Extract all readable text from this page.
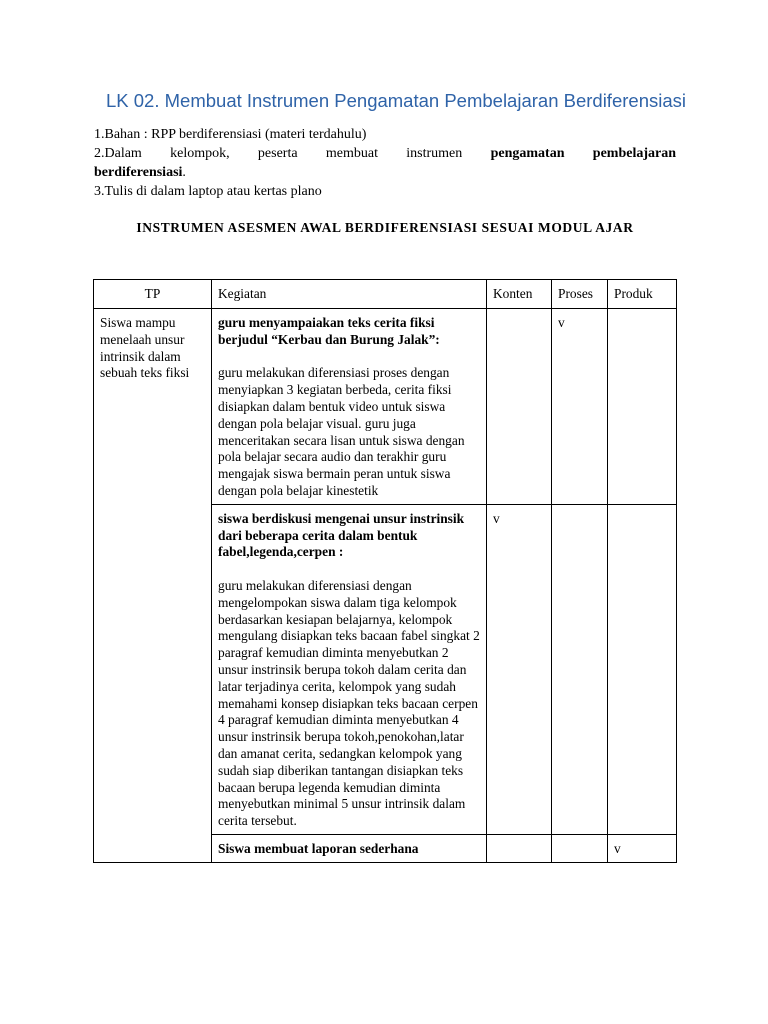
LK 02. Membuat Instrumen Pengamatan Pembelajaran Berdiferensiasi
1.Bahan : RPP berdiferensiasi (materi terdahulu)
2.Dalam kelompok, peserta membuat instrumen pengamatan pembelajaran
berdiferensiasi.
3.Tulis di dalam laptop atau kertas plano
INSTRUMEN ASESMEN AWAL BERDIFERENSIASI SESUAI MODUL AJAR
TP	Kegiatan	Konten	Proses	Produk
Siswa mampu menelaah unsur intrinsik dalam sebuah teks fiksi	guru menyampaiakan teks cerita fiksi berjudul “Kerbau dan Burung Jalak”:
guru melakukan diferensiasi proses dengan menyiapkan 3 kegiatan berbeda, cerita fiksi disiapkan dalam bentuk video untuk siswa dengan pola belajar visual. guru juga menceritakan secara lisan untuk siswa dengan pola belajar secara audio dan terakhir guru mengajak siswa bermain peran untuk siswa dengan pola belajar kinestetik		v	

	siswa berdiskusi mengenai unsur instrinsik dari beberapa cerita dalam bentuk fabel,legenda,cerpen :
guru melakukan diferensiasi dengan mengelompokan siswa dalam tiga kelompok berdasarkan kesiapan belajarnya, kelompok mengulang disiapkan teks bacaan fabel singkat 2 paragraf kemudian diminta menyebutkan 2 unsur instrinsik berupa tokoh dalam cerita dan latar terjadinya cerita, kelompok yang sudah memahami konsep disiapkan teks bacaan cerpen 4 paragraf kemudian diminta menyebutkan 4 unsur instrinsik berupa tokoh,penokohan,latar dan amanat cerita, sedangkan kelompok yang sudah siap diberikan tantangan disiapkan teks bacaan berupa legenda kemudian diminta menyebutkan minimal 5 unsur intrinsik dalam cerita tersebut.	v		

	Siswa membuat laporan sederhana			v
